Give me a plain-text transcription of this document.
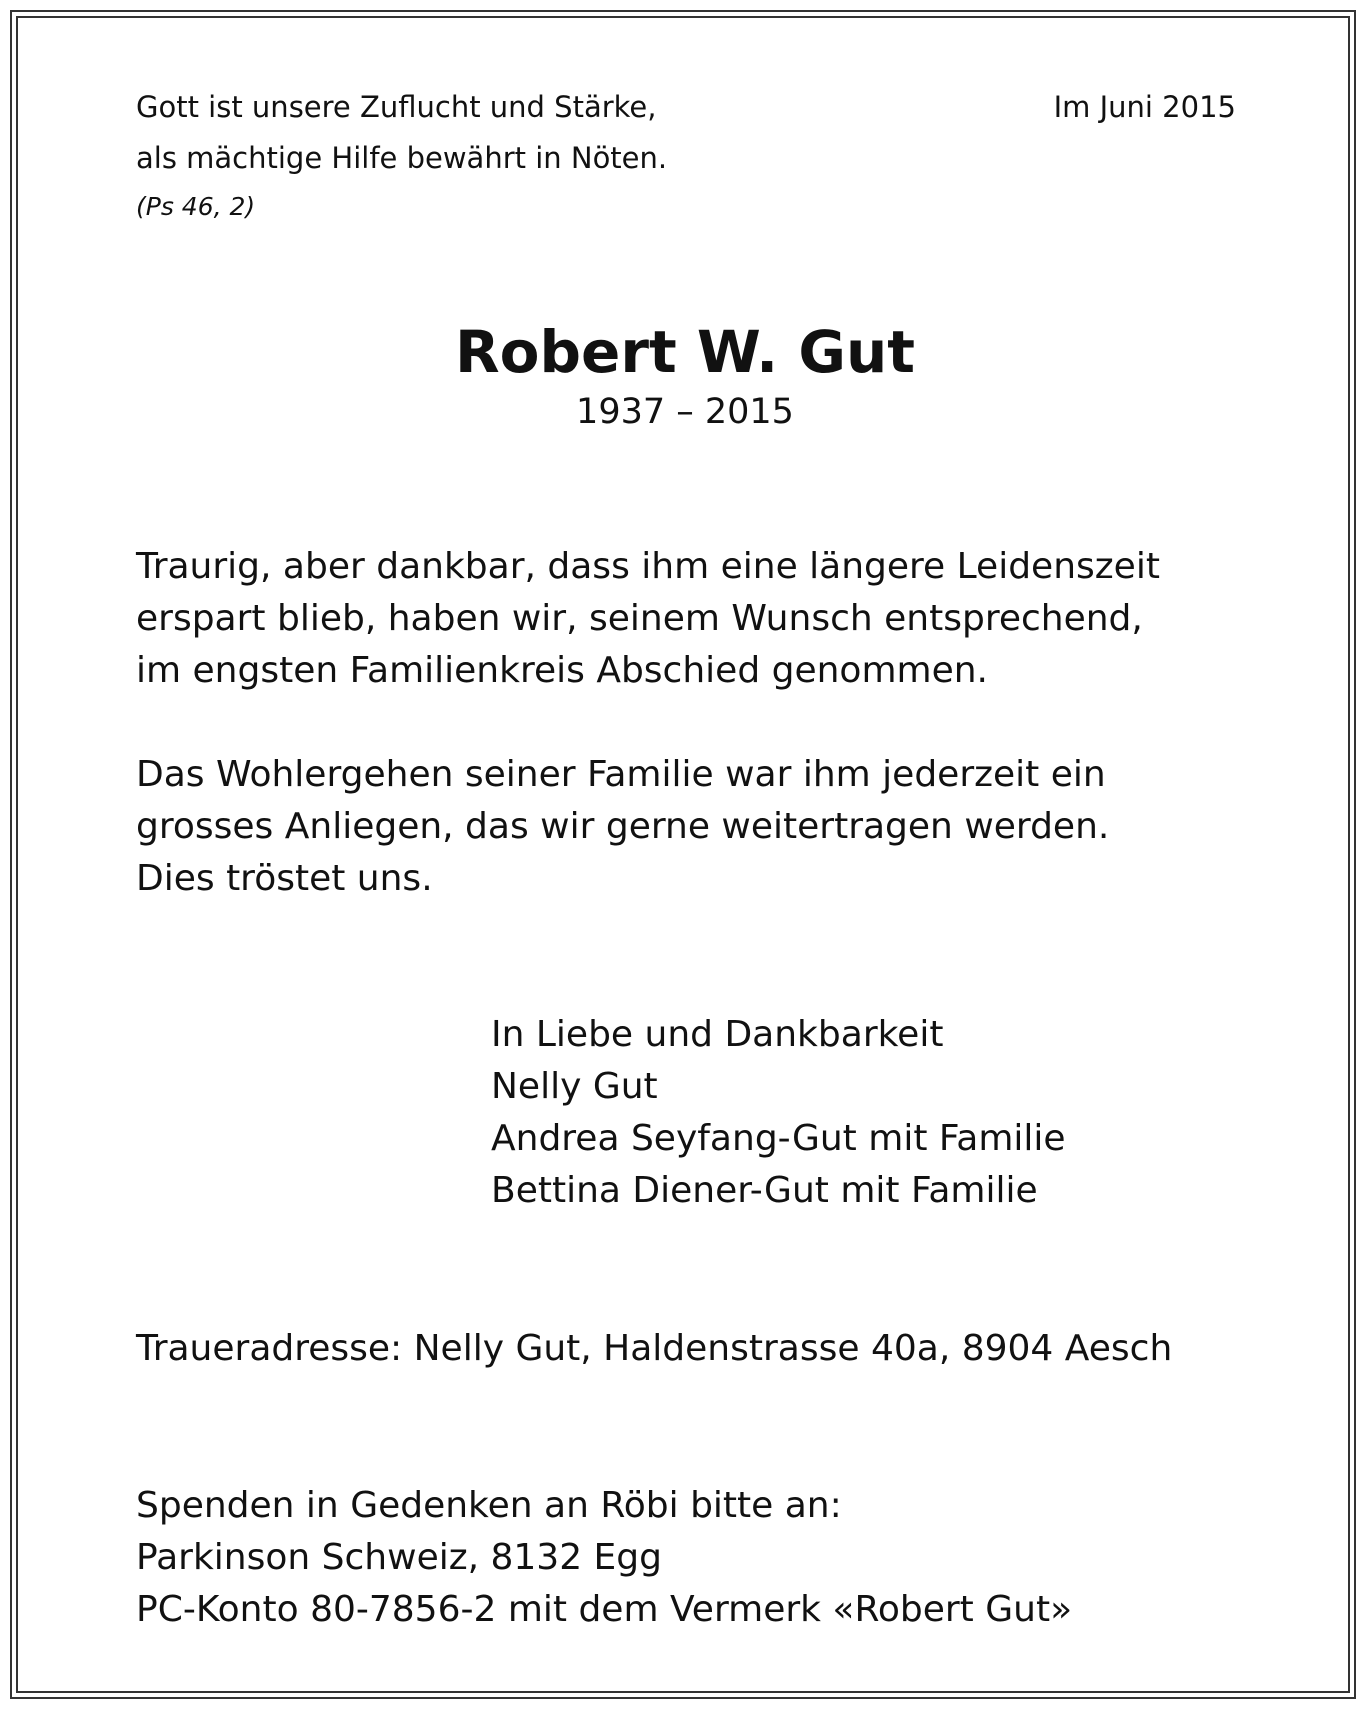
Gott ist unsere Zuflucht und Stärke,
als mächtige Hilfe bewährt in Nöten.
(Ps 46, 2)
Im Juni 2015
Robert W. Gut
1937 – 2015
Traurig, aber dankbar, dass ihm eine längere Leidenszeit
erspart blieb, haben wir, seinem Wunsch entsprechend,
im engsten Familienkreis Abschied genommen.
Das Wohlergehen seiner Familie war ihm jederzeit ein
grosses Anliegen, das wir gerne weitertragen werden.
Dies tröstet uns.
In Liebe und Dankbarkeit
Nelly Gut
Andrea Seyfang-Gut mit Familie
Bettina Diener-Gut mit Familie
Traueradresse: Nelly Gut, Haldenstrasse 40a, 8904 Aesch
Spenden in Gedenken an Röbi bitte an:
Parkinson Schweiz, 8132 Egg
PC-Konto 80-7856-2 mit dem Vermerk «Robert Gut»
